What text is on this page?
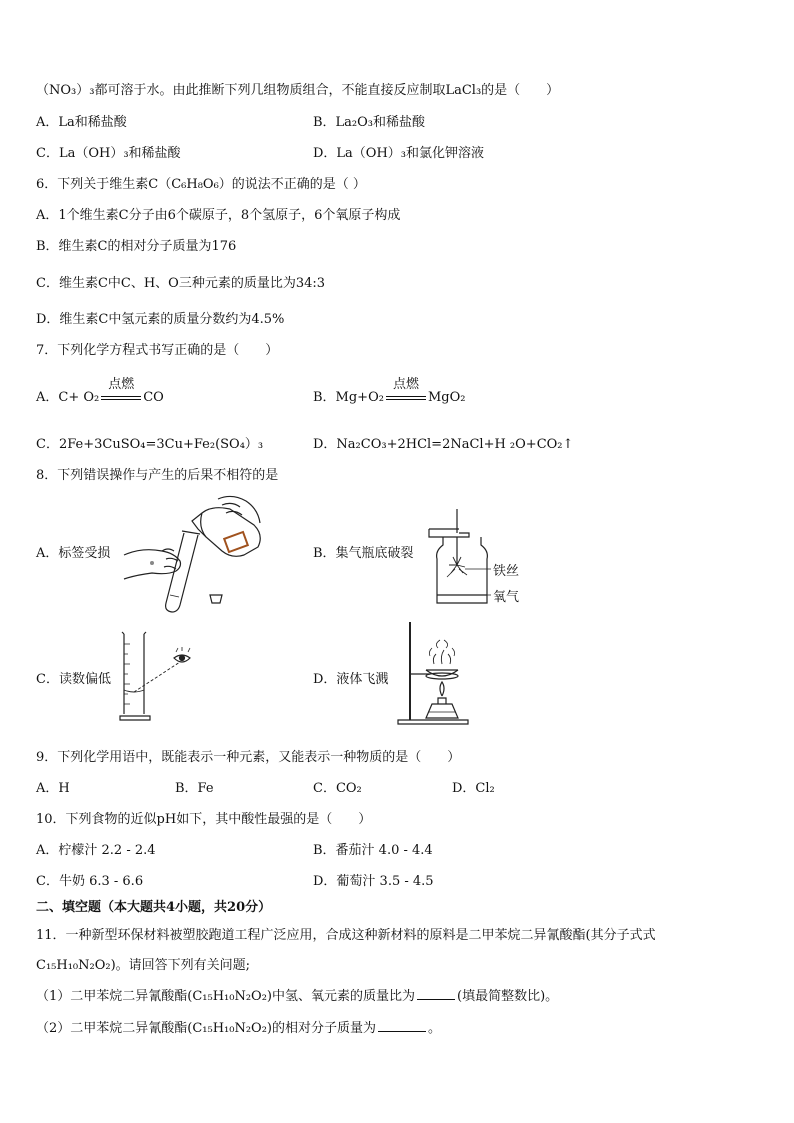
（NO₃）₃都可溶于水。由此推断下列几组物质组合，不能直接反应制取LaCl₃的是（　　）
A．La和稀盐酸	B．La₂O₃和稀盐酸
C．La（OH）₃和稀盐酸	D．La（OH）₃和氯化钾溶液
6．下列关于维生素C（C₆H₈O₆）的说法不正确的是（ ）
A．1个维生素C分子由6个碳原子，8个氢原子，6个氧原子构成
B．维生素C的相对分子质量为176
C．维生素C中C、H、O三种元素的质量比为34:3
D．维生素C中氢元素的质量分数约为4.5%
7．下列化学方程式书写正确的是（　　）
A．C+ O₂
点燃
CO	B．Mg+O₂
点燃
MgO₂
C．2Fe+3CuSO₄=3Cu+Fe₂(SO₄）₃	D．Na₂CO₃+2HCl=2NaCl+H ₂O+CO₂↑
8．下列错误操作与产生的后果不相符的是
A．标签受损	B．集气瓶底破裂
C．读数偏低	D．液体飞溅
铁丝
氧气
9．下列化学用语中，既能表示一种元素，又能表示一种物质的是（　　）
A．H	B．Fe	C．CO₂	D．Cl₂
10．下列食物的近似pH如下，其中酸性最强的是（　　）
A．柠檬汁 2.2 - 2.4	B．番茄汁 4.0 - 4.4
C．牛奶 6.3 - 6.6	D．葡萄汁 3.5 - 4.5
二、填空题（本大题共4小题，共20分）
11．一种新型环保材料被塑胶跑道工程广泛应用，合成这种新材料的原料是二甲苯烷二异氰酸酯(其分子式式
C₁₅H₁₀N₂O₂)。请回答下列有关问题;
（1）二甲苯烷二异氰酸酯(C₁₅H₁₀N₂O₂)中氢、氧元素的质量比为	(填最简整数比)。
（2）二甲苯烷二异氰酸酯(C₁₅H₁₀N₂O₂)的相对分子质量为	。
